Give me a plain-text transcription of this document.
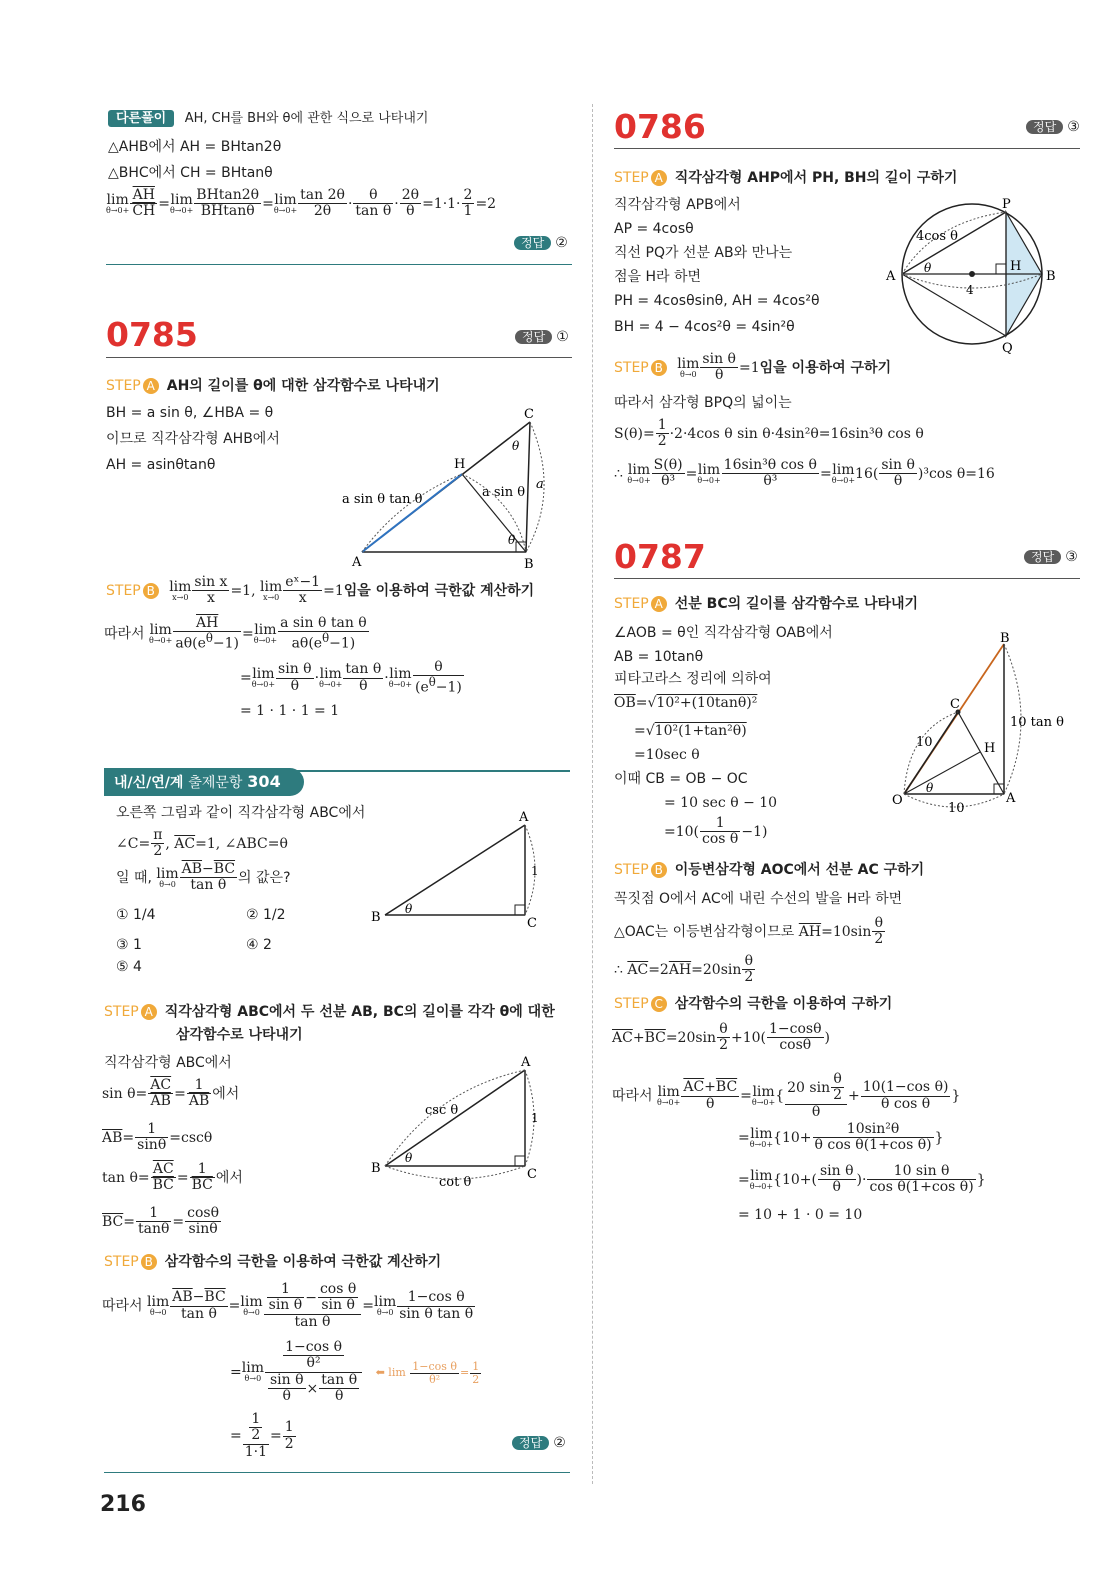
다른풀이 AH, CH를 BH와 θ에 관한 식으로 나타내기
△AHB에서 AH = BHtan2θ
△BHC에서 CH = BHtanθ
lim
$\theta\to 0+ \frac{\overline{AH}}{CH} =\lim$
$\theta\to 0+ \frac{BHtan2\theta}{BHtan\theta} =\lim$
$\theta\to 0+ \frac{\tan 2\theta}{2\theta} \cdot \frac{\theta}{\text{tan θ}} \cdot \frac{2\theta}{\theta} =1\cdot 1\cdot \frac{2}{1} =2$
정답 ②
0785	정답 ①
STEP A AH의 길이를 θ에 대한 삼각함수로 나타내기
BH = a sin θ, ∠HBA = θ
이므로 직각삼각형 AHB에서
AH = asinθtanθ
A	B
C
H
θ
θ
a sin θ tan θ	a sin θ
a
STEP B lim
$x\to 0 \frac{\text{sin x}}{x} =1$, lim
$x\to 0 \frac{\text{eˣ−1}}{x} =1$임을 이용하여 극한값 계산하기
따라서 lim
$\theta\to 0+ \frac{\overline{AH}}{a\theta(e^\theta-1)} =\lim$
$\theta\to 0+ \frac{\text{a sin θ tan θ}}{a\theta(e^\theta-1)}$
=lim
$\theta\to 0+ \frac{\text{sin θ}}{\theta} \cdot\lim$
$\theta\to 0+ \frac{\text{tan θ}}{\theta} \cdot\lim$
$\theta\to 0+ \frac{\theta}{(e^\theta-1)}$
= 1 · 1 · 1 = 1
내/신/연/계 출제문항 304
오른쪽 그림과 같이 직각삼각형 ABC에서
∠C= $\frac{\pi}{2}$ , $\overline{AC}=1$, ∠ABC=θ
일 때, lim
$\theta\to 0 \frac{\overline{AB}-\overline{BC}}{\text{tan θ}}$ 의 값은?
① 1/4	② 1/2
③ 1	④ 2
⑤ 4
B
A
C
θ
1
STEP A 직각삼각형 ABC에서 두 선분 AB, BC의 길이를 각각 θ에 대한
삼각함수로 나타내기
직각삼각형 ABC에서
$\sin \theta= \frac{\overline{AC}}{AB} = \frac{1}{AB}$ 에서
$\overline{AB}= \frac{1}{\sin\theta} =\csc\theta$
$\tan \theta= \frac{\overline{AC}}{BC} = \frac{1}{BC}$ 에서
$\overline{BC}= \frac{1}{\tan\theta} = \frac{\cos\theta}{\sin\theta}$
B
A
C
θ
1
csc θ
cot θ
STEP B 삼각함수의 극한을 이용하여 극한값 계산하기
따라서 lim
$\theta\to 0 \frac{\overline{AB}-\overline{BC}}{\text{tan θ}} =\lim$
$\theta\to 0 \frac{\frac{1}{\text{sin θ}} - \frac{\text{cos θ}}{\text{sin θ}}}{\text{tan θ}} =\lim$
$\theta\to 0 \frac{\text{1−cos θ}}{\text{sin θ tan θ}}$
=lim
$\theta\to 0 \frac{\frac{\text{1−cos θ}}{\text{θ²}}}{\frac{\text{sin θ}}{\theta} \times \frac{\text{tan θ}}{\theta}}$ ⬅ $\lim \frac{\text{1−cos θ}}{\text{θ²}} = \frac{1}{2}$
= $\frac{\frac{1}{2}}{1\cdot 1} = \frac{1}{2}$	정답 ②
216
0786	정답 ③
STEP A 직각삼각형 AHP에서 PH, BH의 길이 구하기
직각삼각형 APB에서
AP = 4cosθ
직선 PQ가 선분 AB와 만나는
점을 H라 하면
PH = 4cosθsinθ, AH = 4cos²θ
BH = 4 − 4cos²θ = 4sin²θ
A	B
P
Q
H
θ
4cos θ
4
STEP B lim
$\theta\to 0 \frac{\text{sin θ}}{\theta} =1$임을 이용하여 구하기
따라서 삼각형 BPQ의 넓이는
$S(\theta)= \frac{1}{2} \cdot 2\cdot 4\cos$ θ sin θ·4sin²θ=16sin³θ cos θ
∴ lim
$\theta\to 0+ \frac{S(\theta)}{\text{θ³}} =\lim$
$\theta\to 0+ \frac{\text{16sin³θ cos θ}}{\text{θ³}} =\lim$
$\theta\to 0+ 16( \frac{\text{sin θ}}{\theta} )^3\cos$ θ=16
0787	정답 ③
STEP A 선분 BC의 길이를 삼각함수로 나타내기
∠AOB = θ인 직각삼각형 OAB에서
AB = 10tanθ
피타고라스 정리에 의하여
$\overline{OB}=√10^2+(10\tan\theta)^2$
=√10²(1+tan²θ)
=10sec θ
이때 CB = OB − OC
= 10 sec θ − 10
$=10( \frac{1}{\text{cos θ}} -1)$
O	A
B
C
H
θ
10 tan θ
10
10
STEP B 이등변삼각형 AOC에서 선분 AC 구하기
꼭짓점 O에서 AC에 내린 수선의 발을 H라 하면
△OAC는 이등변삼각형이므로 $\overline{AH}=10\sin \frac{\theta}{2}$
∴ $\overline{AC}=2\overline{AH}=20\sin \frac{\theta}{2}$
STEP C 삼각함수의 극한을 이용하여 구하기
$\overline{AC}+\overline{BC}=20\sin \frac{\theta}{2} +10( \frac{1-\cos\theta}{\cos\theta}$ )
따라서 lim
$\theta\to 0+ \frac{\overline{AC}+\overline{BC}}{\theta} =\lim$
θ→0+ { $\frac{20 \sin \frac{\theta}{2}}{\theta} + \frac{\text{10(1−cos θ)}}{\text{θ cos θ}}$ }
=lim
$\theta\to 0+ \{10+ \frac{\text{10sin²θ}}{\text{θ cos θ(1+cos θ)}}$ }
=lim
$\theta\to 0+ \{10+( \frac{\text{sin θ}}{\theta}$ )· $\frac{\text{10 sin θ}}{\text{cos θ(1+cos θ)}}$ }
= 10 + 1 · 0 = 10
